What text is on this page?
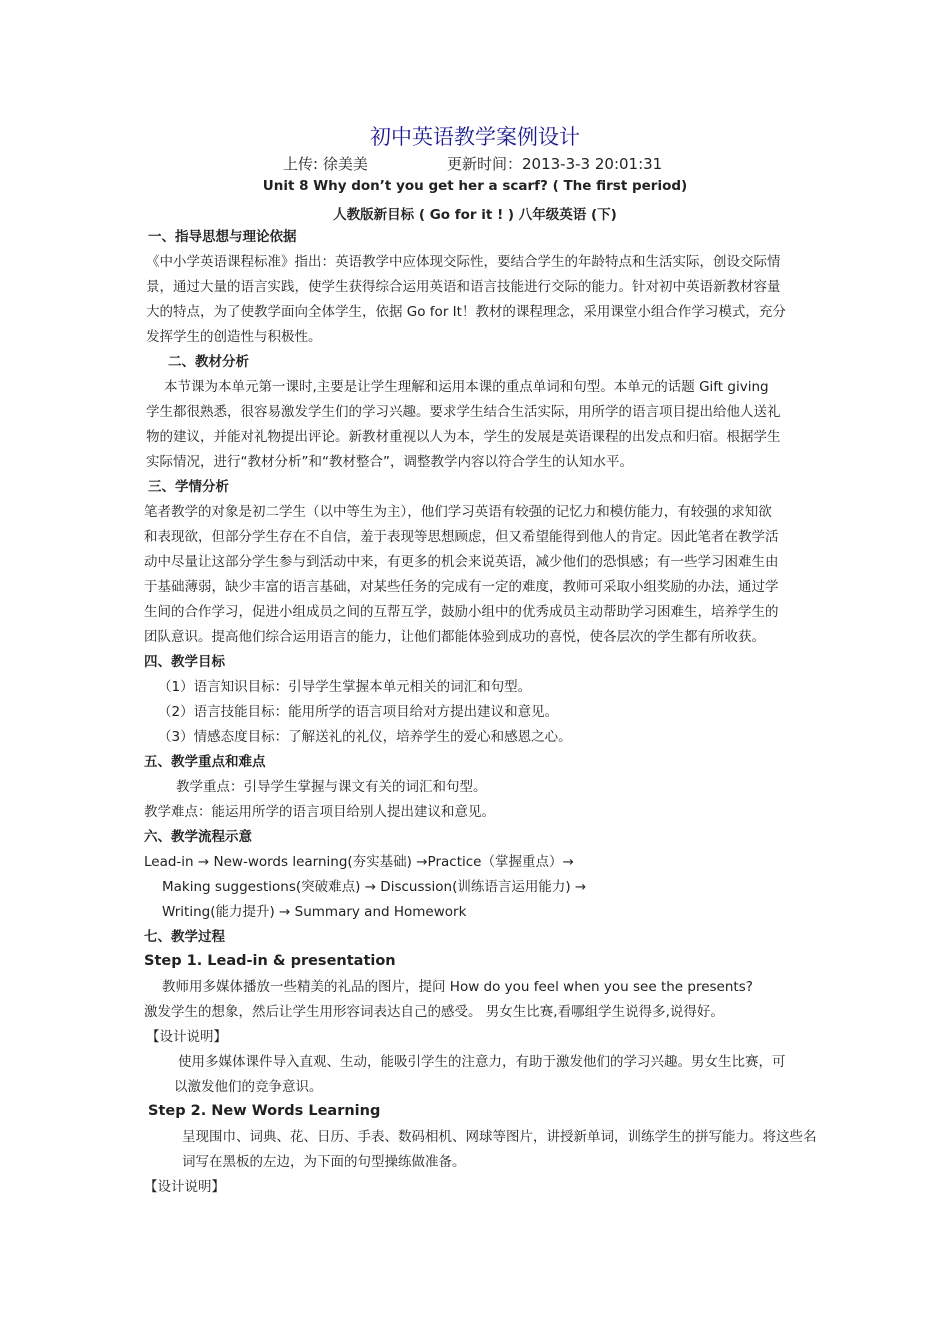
初中英语教学案例设计
上传: 徐美美	更新时间：2013-3-3 20:01:31
Unit 8 Why don’t you get her a scarf? ( The first period)
人教版新目标 ( Go for it ! ) 八年级英语 (下)
一、指导思想与理论依据
《中小学英语课程标准》指出：英语教学中应体现交际性，要结合学生的年龄特点和生活实际，创设交际情
景，通过大量的语言实践，使学生获得综合运用英语和语言技能进行交际的能力。针对初中英语新教材容量
大的特点，为了使教学面向全体学生，依据 Go for It！教材的课程理念，采用课堂小组合作学习模式，充分
发挥学生的创造性与积极性。
二、教材分析
本节课为本单元第一课时,主要是让学生理解和运用本课的重点单词和句型。本单元的话题 Gift giving
学生都很熟悉，很容易激发学生们的学习兴趣。要求学生结合生活实际，用所学的语言项目提出给他人送礼
物的建议，并能对礼物提出评论。新教材重视以人为本，学生的发展是英语课程的出发点和归宿。根据学生
实际情况，进行“教材分析”和“教材整合”，调整教学内容以符合学生的认知水平。
三、学情分析
笔者教学的对象是初二学生（以中等生为主），他们学习英语有较强的记忆力和模仿能力，有较强的求知欲
和表现欲，但部分学生存在不自信，羞于表现等思想顾虑，但又希望能得到他人的肯定。因此笔者在教学活
动中尽量让这部分学生参与到活动中来，有更多的机会来说英语，减少他们的恐惧感；有一些学习困难生由
于基础薄弱，缺少丰富的语言基础，对某些任务的完成有一定的难度，教师可采取小组奖励的办法，通过学
生间的合作学习，促进小组成员之间的互帮互学，鼓励小组中的优秀成员主动帮助学习困难生，培养学生的
团队意识。提高他们综合运用语言的能力，让他们都能体验到成功的喜悦，使各层次的学生都有所收获。
四、教学目标
（1）语言知识目标：引导学生掌握本单元相关的词汇和句型。
（2）语言技能目标：能用所学的语言项目给对方提出建议和意见。
（3）情感态度目标：了解送礼的礼仪，培养学生的爱心和感恩之心。
五、教学重点和难点
教学重点：引导学生掌握与课文有关的词汇和句型。
教学难点：能运用所学的语言项目给别人提出建议和意见。
六、教学流程示意
Lead-in → New-words learning(夯实基础) →Practice（掌握重点）→
Making suggestions(突破难点) → Discussion(训练语言运用能力) →
Writing(能力提升) → Summary and Homework
七、教学过程
Step 1. Lead-in & presentation
教师用多媒体播放一些精美的礼品的图片，提问 How do you feel when you see the presents?
激发学生的想象，然后让学生用形容词表达自己的感受。 男女生比赛,看哪组学生说得多,说得好。
【设计说明】
使用多媒体课件导入直观、生动，能吸引学生的注意力，有助于激发他们的学习兴趣。男女生比赛，可
以激发他们的竞争意识。
Step 2. New Words Learning
呈现围巾、词典、花、日历、手表、数码相机、网球等图片，讲授新单词，训练学生的拼写能力。将这些名
词写在黑板的左边，为下面的句型操练做准备。
【设计说明】
